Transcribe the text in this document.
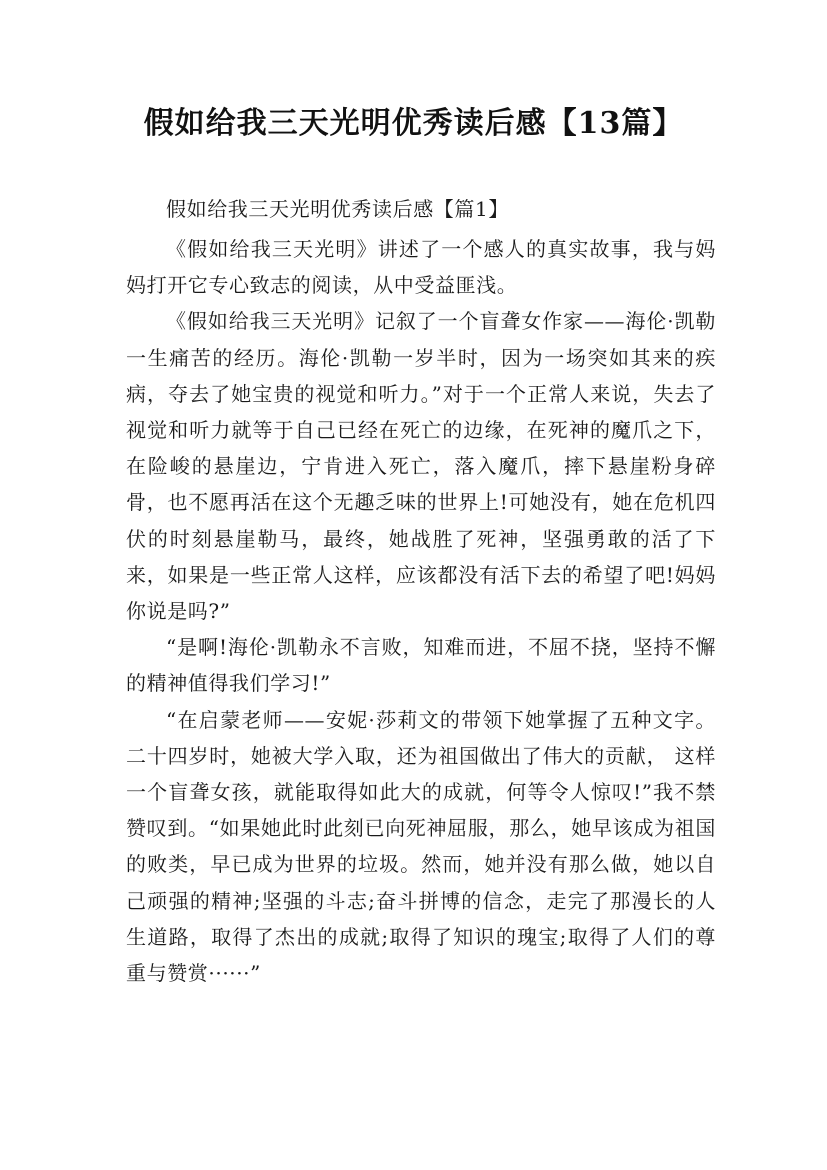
假如给我三天光明优秀读后感【13篇】

假如给我三天光明优秀读后感【篇1】

《假如给我三天光明》讲述了一个感人的真实故事，我与妈妈打开它专心致志的阅读，从中受益匪浅。

《假如给我三天光明》记叙了一个盲聋女作家——海伦·凯勒一生痛苦的经历。海伦·凯勒一岁半时，因为一场突如其来的疾病，夺去了她宝贵的视觉和听力。”对于一个正常人来说，失去了视觉和听力就等于自己已经在死亡的边缘，在死神的魔爪之下，在险峻的悬崖边，宁肯进入死亡，落入魔爪，摔下悬崖粉身碎骨，也不愿再活在这个无趣乏味的世界上!可她没有，她在危机四伏的时刻悬崖勒马，最终，她战胜了死神，坚强勇敢的活了下来，如果是一些正常人这样，应该都没有活下去的希望了吧!妈妈你说是吗?”

“是啊!海伦·凯勒永不言败，知难而进，不屈不挠，坚持不懈的精神值得我们学习!”

“在启蒙老师——安妮·莎莉文的带领下她掌握了五种文字。二十四岁时，她被大学入取，还为祖国做出了伟大的贡献， 这样一个盲聋女孩，就能取得如此大的成就，何等令人惊叹!”我不禁赞叹到。“如果她此时此刻已向死神屈服，那么，她早该成为祖国的败类，早已成为世界的垃圾。然而，她并没有那么做，她以自己顽强的精神;坚强的斗志;奋斗拼博的信念，走完了那漫长的人生道路，取得了杰出的成就;取得了知识的瑰宝;取得了人们的尊重与赞赏······”
